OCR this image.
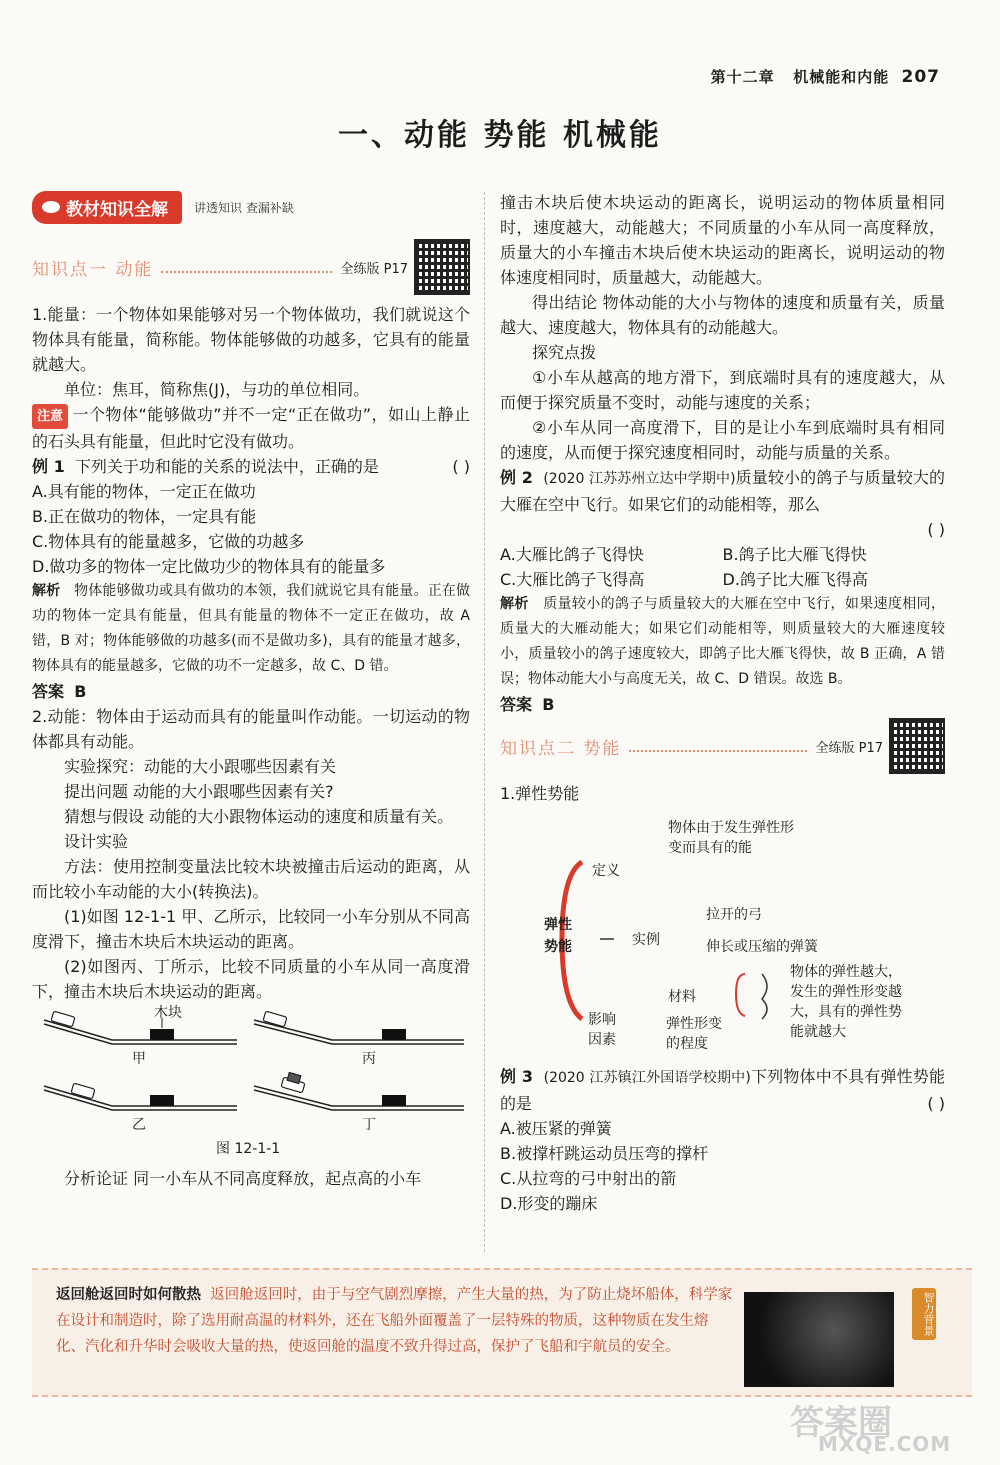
第十二章 机械能和内能 207
一、动能 势能 机械能
教材知识全解 讲透知识 查漏补缺
知识点一 动能	全练版 P17

1.能量：一个物体如果能够对另一个物体做功，我们就说这个物体具有能量，简称能。物体能够做的功越多，它具有的能量就越大。

单位：焦耳，简称焦(J)，与功的单位相同。

注意 一个物体“能够做功”并不一定“正在做功”，如山上静止的石头具有能量，但此时它没有做功。

例 1 下列关于功和能的关系的说法中，正确的是	( )

A.具有能的物体，一定正在做功

B.正在做功的物体，一定具有能

C.物体具有的能量越多，它做的功越多

D.做功多的物体一定比做功少的物体具有的能量多

解析 物体能够做功或具有做功的本领，我们就说它具有能量。正在做功的物体一定具有能量，但具有能量的物体不一定正在做功，故 A 错，B 对；物体能够做的功越多(而不是做功多)，具有的能量才越多，物体具有的能量越多，它做的功不一定越多，故 C、D 错。

答案 B

2.动能：物体由于运动而具有的能量叫作动能。一切运动的物体都具有动能。

实验探究：动能的大小跟哪些因素有关

提出问题 动能的大小跟哪些因素有关?

猜想与假设 动能的大小跟物体运动的速度和质量有关。

设计实验

方法：使用控制变量法比较木块被撞击后运动的距离，从而比较小车动能的大小(转换法)。

(1)如图 12-1-1 甲、乙所示，比较同一小车分别从不同高度滑下，撞击木块后木块运动的距离。

(2)如图丙、丁所示，比较不同质量的小车从同一高度滑下，撞击木块后木块运动的距离。

木块
甲	丙
乙	丁
图 12-1-1

分析论证 同一小车从不同高度释放，起点高的小车

撞击木块后使木块运动的距离长，说明运动的物体质量相同时，速度越大，动能越大；不同质量的小车从同一高度释放，质量大的小车撞击木块后使木块运动的距离长，说明运动的物体速度相同时，质量越大，动能越大。

得出结论 物体动能的大小与物体的速度和质量有关，质量越大、速度越大，物体具有的动能越大。

探究点拨

①小车从越高的地方滑下，到底端时具有的速度越大，从而便于探究质量不变时，动能与速度的关系；

②小车从同一高度滑下，目的是让小车到底端时具有相同的速度，从而便于探究速度相同时，动能与质量的关系。

例 2 (2020 江苏苏州立达中学期中)质量较小的鸽子与质量较大的大雁在空中飞行。如果它们的动能相等，那么

( )

A.大雁比鸽子飞得快	B.鸽子比大雁飞得快

C.大雁比鸽子飞得高	D.鸽子比大雁飞得高

解析 质量较小的鸽子与质量较大的大雁在空中飞行，如果速度相同，质量大的大雁动能大；如果它们动能相等，则质量较大的大雁速度较小，质量较小的鸽子速度较大，即鸽子比大雁飞得快，故 B 正确，A 错误；物体动能大小与高度无关，故 C、D 错误。故选 B。

答案 B

知识点二 势能	全练版 P17

1.弹性势能

弹性势能
定义
物体由于发生弹性形变而具有的能
实例
拉开的弓
伸长或压缩的弹簧
影响因素
材料
弹性形变的程度
物体的弹性越大，发生的弹性形变越大，具有的弹性势能就越大

例 3 (2020 江苏镇江外国语学校期中)下列物体中不具有弹性势能的是	( )

A.被压紧的弹簧

B.被撑杆跳运动员压弯的撑杆

C.从拉弯的弓中射出的箭

D.形变的蹦床

返回舱返回时如何散热 返回舱返回时，由于与空气剧烈摩擦，产生大量的热，为了防止烧坏船体，科学家在设计和制造时，除了选用耐高温的材料外，还在飞船外面覆盖了一层特殊的物质，这种物质在发生熔化、汽化和升华时会吸收大量的热，使返回舱的温度不致升得过高，保护了飞船和宇航员的安全。
智力背景
答案圈
MXQE.COM
